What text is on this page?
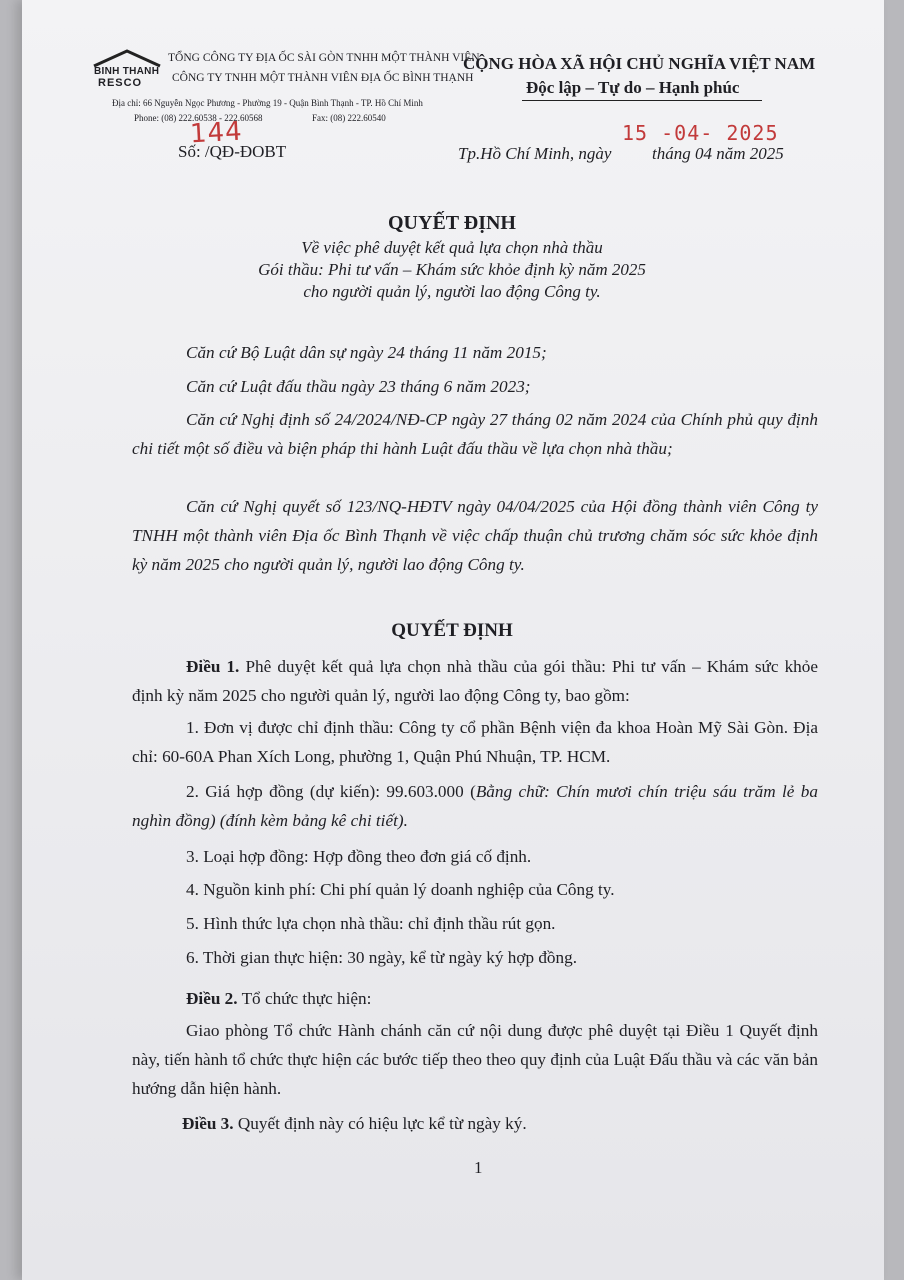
BINH THANH
RESCO
TỔNG CÔNG TY ĐỊA ỐC SÀI GÒN TNHH MỘT THÀNH VIÊN
CÔNG TY TNHH MỘT THÀNH VIÊN ĐỊA ỐC BÌNH THẠNH
Địa chỉ: 66 Nguyễn Ngọc Phương - Phường 19 - Quận Bình Thạnh - TP. Hồ Chí Minh
Phone: (08) 222.60538 - 222.60568	Fax: (08) 222.60540
144
Số: /QĐ-ĐOBT
CỘNG HÒA XÃ HỘI CHỦ NGHĨA VIỆT NAM
Độc lập – Tự do – Hạnh phúc
15 -04- 2025
Tp.Hồ Chí Minh, ngày tháng 04 năm 2025
QUYẾT ĐỊNH
Về việc phê duyệt kết quả lựa chọn nhà thầu
Gói thầu: Phi tư vấn – Khám sức khỏe định kỳ năm 2025
cho người quản lý, người lao động Công ty.
Căn cứ Bộ Luật dân sự ngày 24 tháng 11 năm 2015;
Căn cứ Luật đấu thầu ngày 23 tháng 6 năm 2023;
Căn cứ Nghị định số 24/2024/NĐ-CP ngày 27 tháng 02 năm 2024 của Chính phủ quy định chi tiết một số điều và biện pháp thi hành Luật đấu thầu về lựa chọn nhà thầu;
Căn cứ Nghị quyết số 123/NQ-HĐTV ngày 04/04/2025 của Hội đồng thành viên Công ty TNHH một thành viên Địa ốc Bình Thạnh về việc chấp thuận chủ trương chăm sóc sức khỏe định kỳ năm 2025 cho người quản lý, người lao động Công ty.
QUYẾT ĐỊNH
Điều 1. Phê duyệt kết quả lựa chọn nhà thầu của gói thầu: Phi tư vấn – Khám sức khỏe định kỳ năm 2025 cho người quản lý, người lao động Công ty, bao gồm:
1. Đơn vị được chỉ định thầu: Công ty cổ phần Bệnh viện đa khoa Hoàn Mỹ Sài Gòn. Địa chỉ: 60-60A Phan Xích Long, phường 1, Quận Phú Nhuận, TP. HCM.
2. Giá hợp đồng (dự kiến): 99.603.000 (Bằng chữ: Chín mươi chín triệu sáu trăm lẻ ba nghìn đồng) (đính kèm bảng kê chi tiết).
3. Loại hợp đồng: Hợp đồng theo đơn giá cố định.
4. Nguồn kinh phí: Chi phí quản lý doanh nghiệp của Công ty.
5. Hình thức lựa chọn nhà thầu: chỉ định thầu rút gọn.
6. Thời gian thực hiện: 30 ngày, kể từ ngày ký hợp đồng.
Điều 2. Tổ chức thực hiện:
Giao phòng Tổ chức Hành chánh căn cứ nội dung được phê duyệt tại Điều 1 Quyết định này, tiến hành tổ chức thực hiện các bước tiếp theo theo quy định của Luật Đấu thầu và các văn bản hướng dẫn hiện hành.
Điều 3. Quyết định này có hiệu lực kể từ ngày ký.
1
